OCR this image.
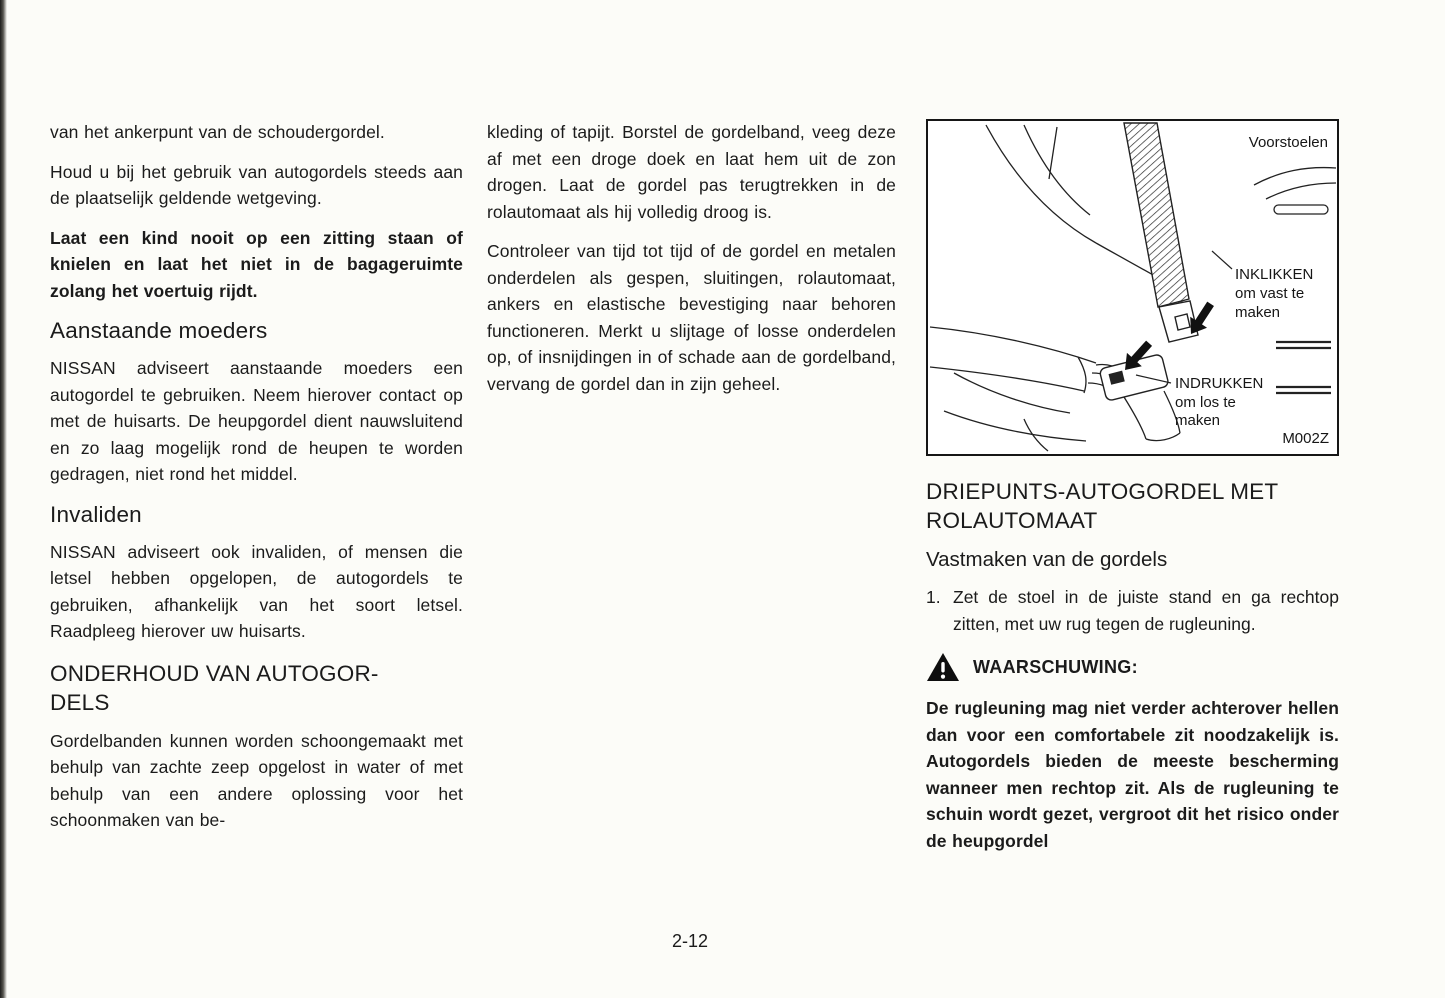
van het ankerpunt van de schoudergordel.

Houd u bij het gebruik van autogordels steeds aan de plaatselijk geldende wetgeving.

Laat een kind nooit op een zitting staan of knielen en laat het niet in de bagageruimte zolang het voertuig rijdt.

Aanstaande moeders

NISSAN adviseert aanstaande moeders een autogordel te gebruiken. Neem hierover contact op met de huisarts. De heupgordel dient nauwsluitend en zo laag mogelijk rond de heupen te worden gedragen, niet rond het middel.

Invaliden

NISSAN adviseert ook invaliden, of mensen die letsel hebben opgelopen, de autogordels te gebruiken, afhankelijk van het soort letsel. Raadpleeg hierover uw huisarts.

ONDERHOUD VAN AUTOGOR-
DELS

Gordelbanden kunnen worden schoongemaakt met behulp van zachte zeep opgelost in water of met behulp van een andere oplossing voor het schoonmaken van be-

kleding of tapijt. Borstel de gordelband, veeg deze af met een droge doek en laat hem uit de zon drogen. Laat de gordel pas terugtrekken in de rolautomaat als hij volledig droog is.

Controleer van tijd tot tijd of de gordel en metalen onderdelen als gespen, sluitingen, rolautomaat, ankers en elastische bevestiging naar behoren functioneren. Merkt u slijtage of losse onderdelen op, of insnijdingen in of schade aan de gordelband, vervang de gordel dan in zijn geheel.

Voorstoelen
INKLIKKEN
om vast te
maken
INDRUKKEN
om los te
maken
M002Z
DRIEPUNTS-AUTOGORDEL MET
ROLAUTOMAAT
Vastmaken van de gordels
1. Zet de stoel in de juiste stand en ga rechtop zitten, met uw rug tegen de rugleuning.
WAARSCHUWING:

De rugleuning mag niet verder achterover hellen dan voor een comfortabele zit noodzakelijk is. Autogordels bieden de meeste bescherming wanneer men rechtop zit. Als de rugleuning te schuin wordt gezet, vergroot dit het risico onder de heupgordel

2-12
